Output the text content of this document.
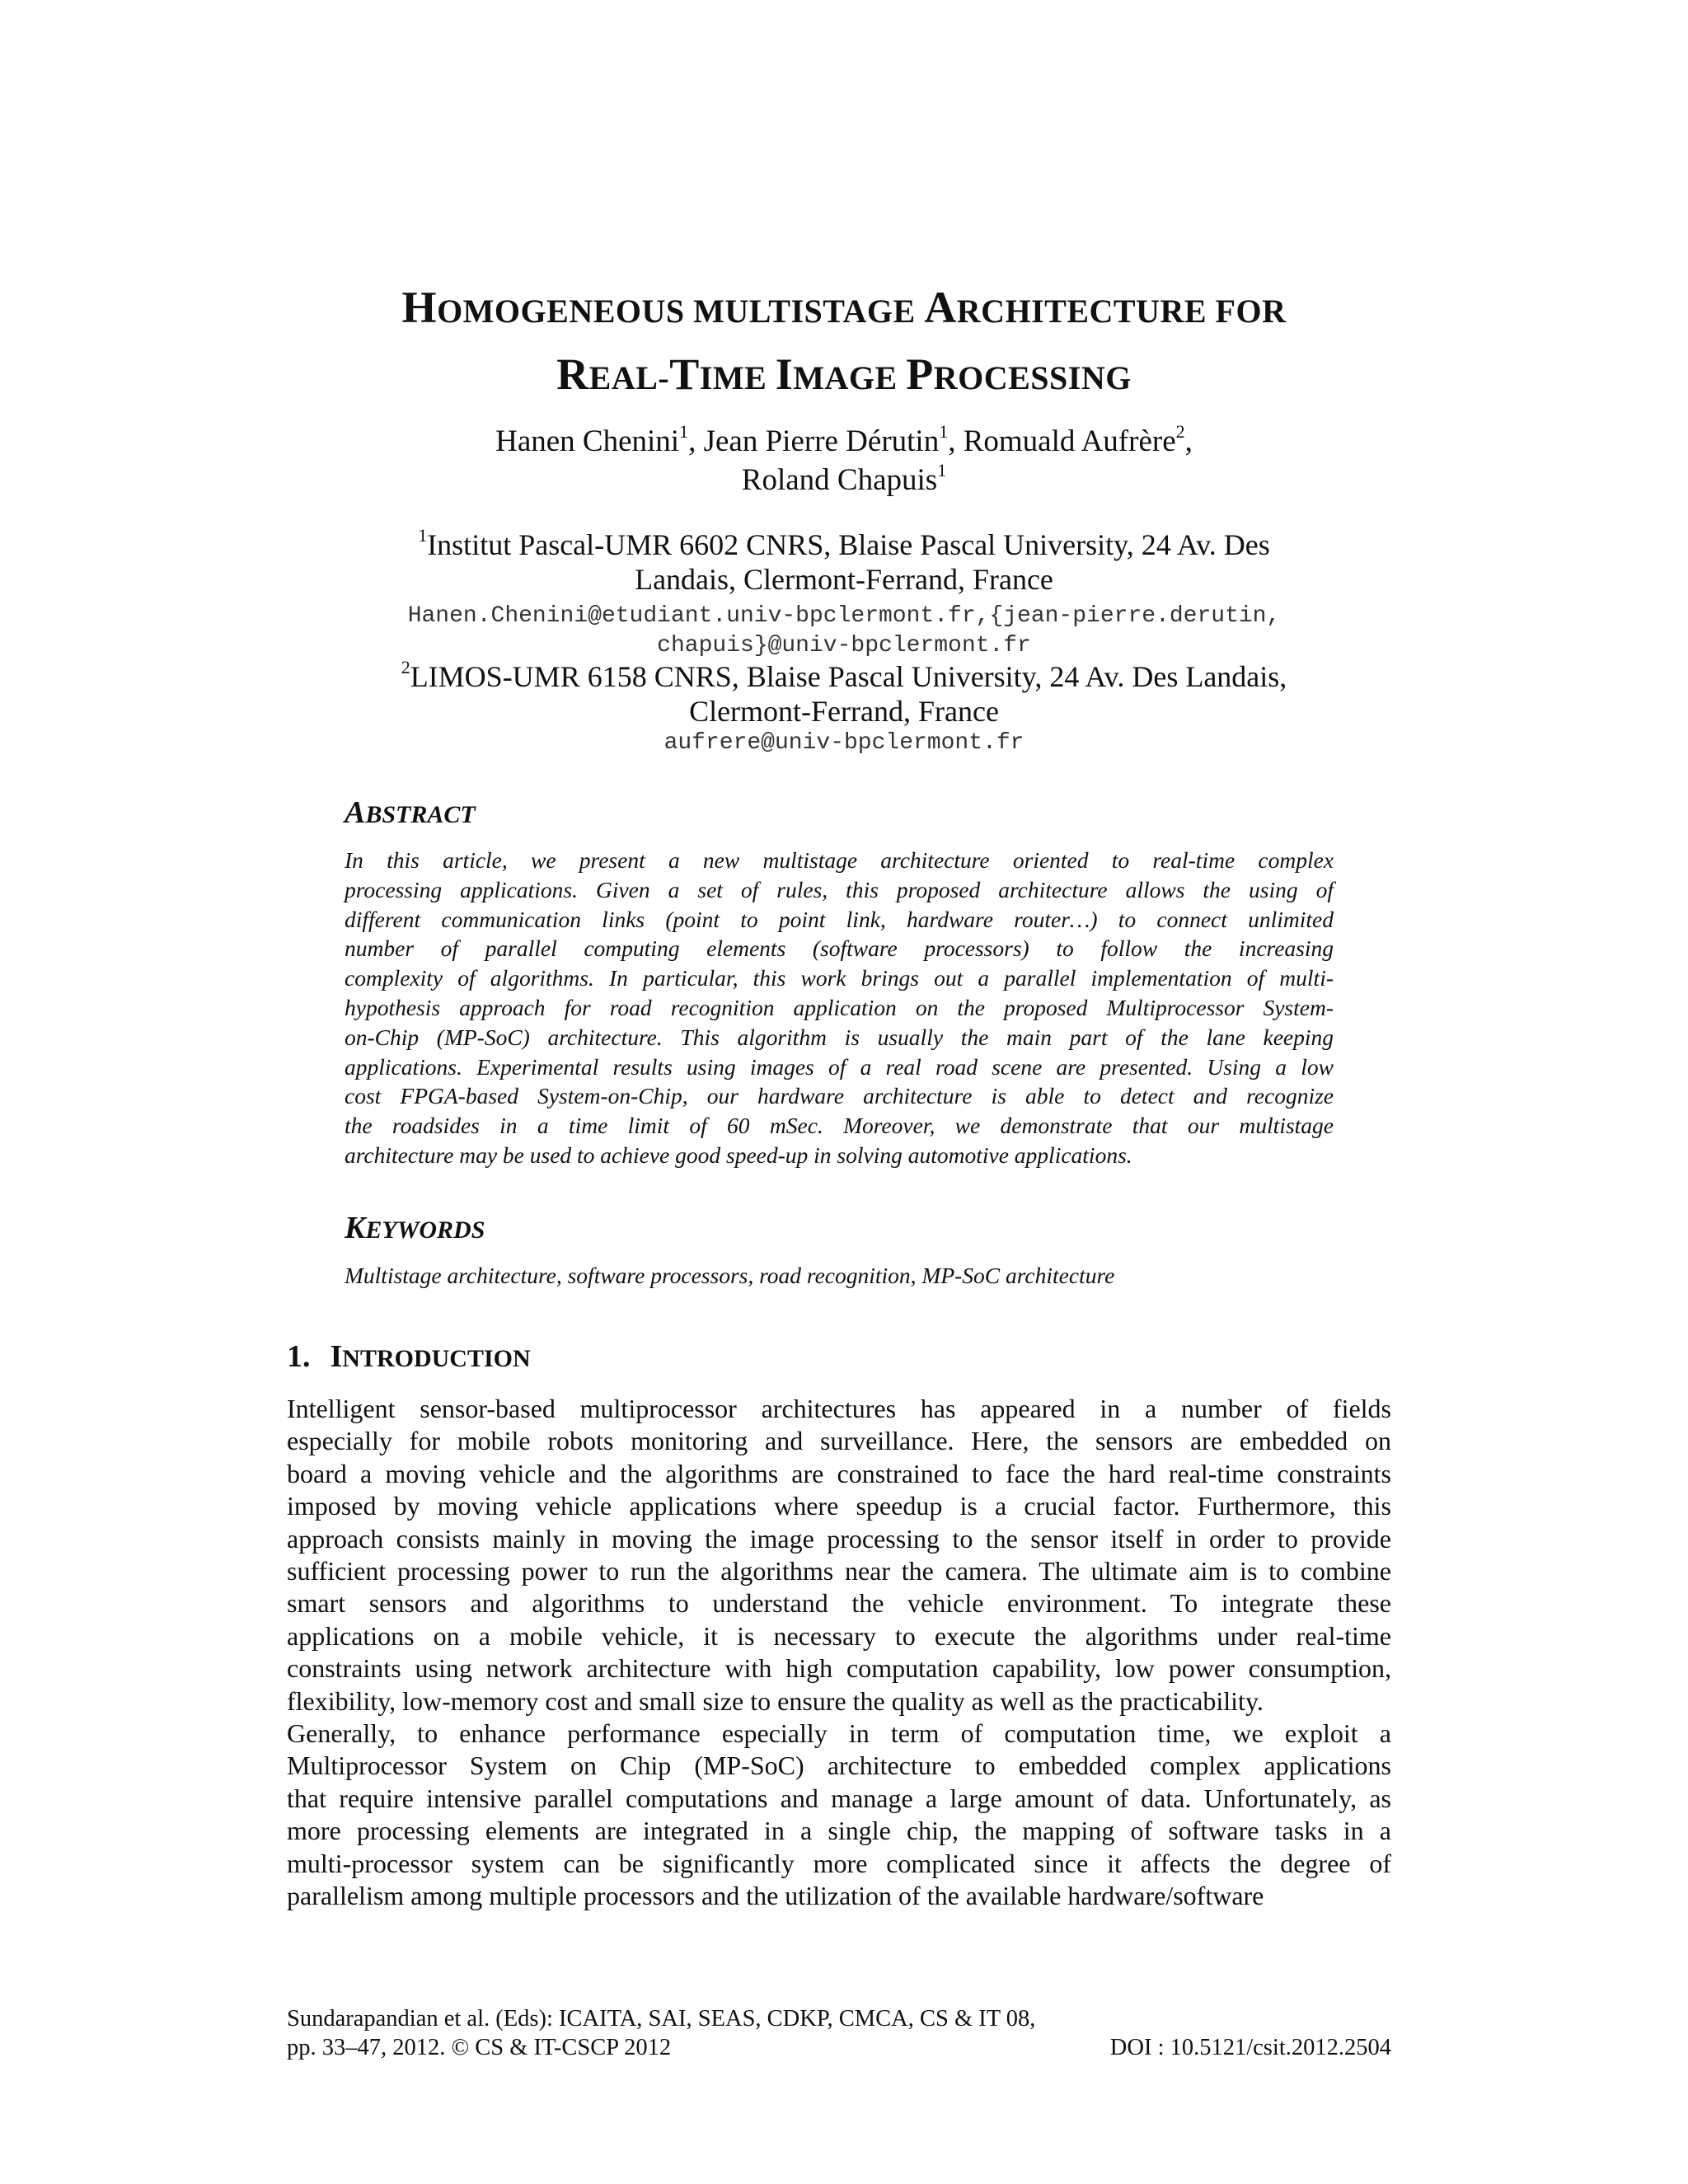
HOMOGENEOUS MULTISTAGE ARCHITECTURE FOR
REAL-TIME IMAGE PROCESSING
Hanen Chenini$^1$, Jean Pierre Dérutin$^1$, Romuald Aufrère$^2$,
Roland Chapuis$^1$
$^1$Institut Pascal-UMR 6602 CNRS, Blaise Pascal University, 24 Av. Des
Landais, Clermont-Ferrand, France
Hanen.Chenini@etudiant.univ-bpclermont.fr,{jean-pierre.derutin,
chapuis}@univ-bpclermont.fr
$^2$LIMOS-UMR 6158 CNRS, Blaise Pascal University, 24 Av. Des Landais,
Clermont-Ferrand, France
aufrere@univ-bpclermont.fr
ABSTRACT
In this article, we present a new multistage architecture oriented to real-time complex
processing applications. Given a set of rules, this proposed architecture allows the using of
different communication links (point to point link, hardware router…) to connect unlimited
number of parallel computing elements (software processors) to follow the increasing
complexity of algorithms. In particular, this work brings out a parallel implementation of multi-
hypothesis approach for road recognition application on the proposed Multiprocessor System-
on-Chip (MP-SoC) architecture. This algorithm is usually the main part of the lane keeping
applications. Experimental results using images of a real road scene are presented. Using a low
cost FPGA-based System-on-Chip, our hardware architecture is able to detect and recognize
the roadsides in a time limit of 60 mSec. Moreover, we demonstrate that our multistage
architecture may be used to achieve good speed-up in solving automotive applications.
KEYWORDS
Multistage architecture, software processors, road recognition, MP-SoC architecture
1. INTRODUCTION
Intelligent sensor-based multiprocessor architectures has appeared in a number of fields
especially for mobile robots monitoring and surveillance. Here, the sensors are embedded on
board a moving vehicle and the algorithms are constrained to face the hard real-time constraints
imposed by moving vehicle applications where speedup is a crucial factor. Furthermore, this
approach consists mainly in moving the image processing to the sensor itself in order to provide
sufficient processing power to run the algorithms near the camera. The ultimate aim is to combine
smart sensors and algorithms to understand the vehicle environment. To integrate these
applications on a mobile vehicle, it is necessary to execute the algorithms under real-time
constraints using network architecture with high computation capability, low power consumption,
flexibility, low-memory cost and small size to ensure the quality as well as the practicability.
Generally, to enhance performance especially in term of computation time, we exploit a
Multiprocessor System on Chip (MP-SoC) architecture to embedded complex applications
that require intensive parallel computations and manage a large amount of data. Unfortunately, as
more processing elements are integrated in a single chip, the mapping of software tasks in a
multi-processor system can be significantly more complicated since it affects the degree of
parallelism among multiple processors and the utilization of the available hardware/software
Sundarapandian et al. (Eds): ICAITA, SAI, SEAS, CDKP, CMCA, CS & IT 08,
pp. 33–47, 2012. © CS & IT-CSCP 2012	DOI : 10.5121/csit.2012.2504
